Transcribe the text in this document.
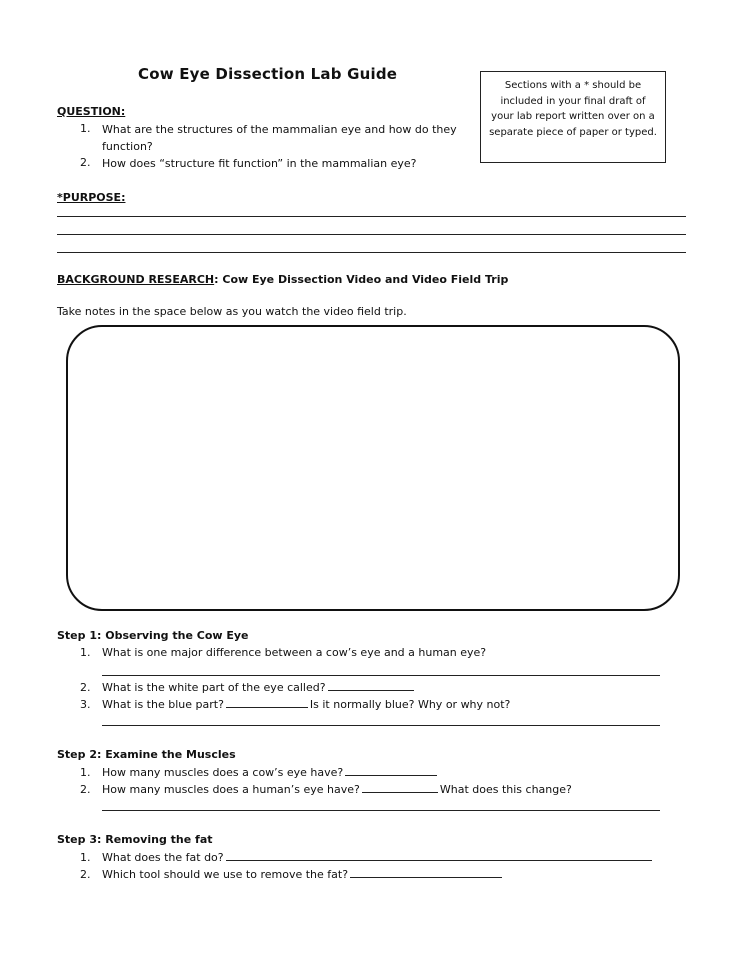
Cow Eye Dissection Lab Guide
Sections with a * should be included in your final draft of your lab report written over on a separate piece of paper or typed.
QUESTION:
1.	What are the structures of the mammalian eye and how do they function?
2.	How does “structure fit function” in the mammalian eye?
*PURPOSE:
BACKGROUND RESEARCH: Cow Eye Dissection Video and Video Field Trip
Take notes in the space below as you watch the video field trip.
Step 1: Observing the Cow Eye
1. What is one major difference between a cow’s eye and a human eye?
2. What is the white part of the eye called?
3. What is the blue part?	Is it normally blue? Why or why not?
Step 2: Examine the Muscles
1. How many muscles does a cow’s eye have?
2. How many muscles does a human’s eye have?	What does this change?
Step 3: Removing the fat
1. What does the fat do?
2. Which tool should we use to remove the fat?
